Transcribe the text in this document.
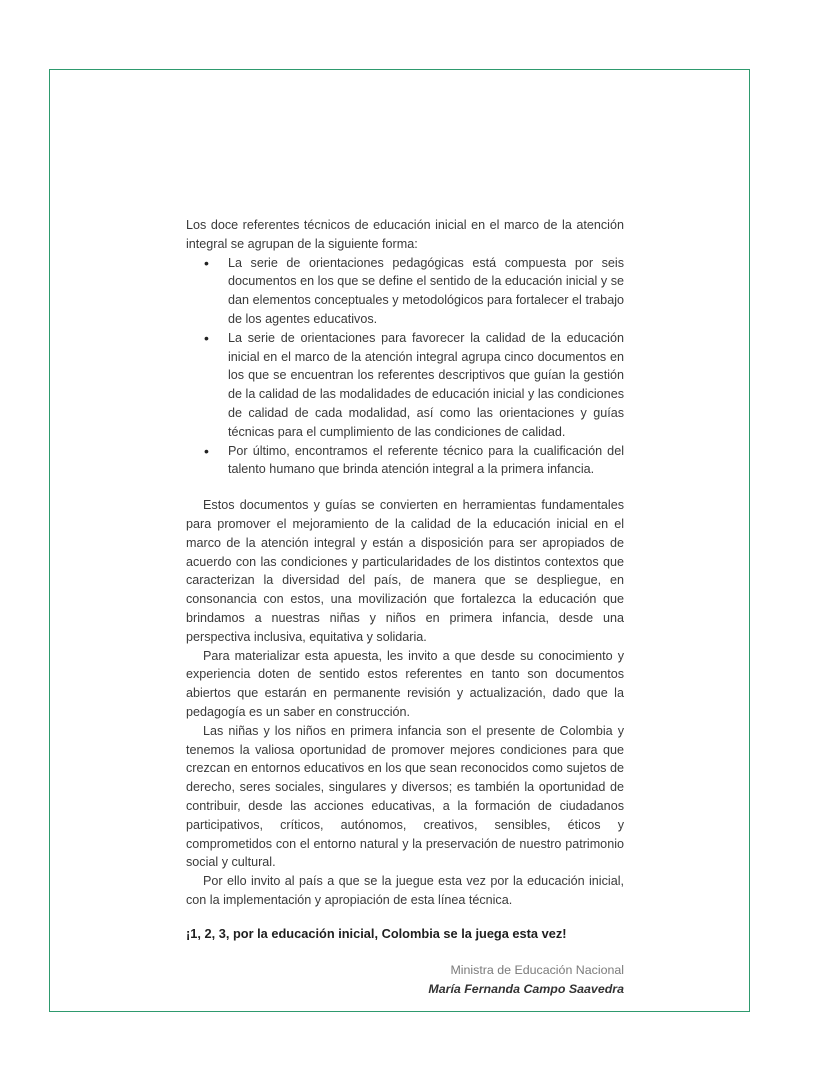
Los doce referentes técnicos de educación inicial en el marco de la atención integral se agrupan de la siguiente forma:

• La serie de orientaciones pedagógicas está compuesta por seis documentos en los que se define el sentido de la educación inicial y se dan elementos conceptuales y metodológicos para fortalecer el trabajo de los agentes educativos.
• La serie de orientaciones para favorecer la calidad de la educación inicial en el marco de la atención integral agrupa cinco documentos en los que se encuentran los referentes descriptivos que guían la gestión de la calidad de las modalidades de educación inicial y las condiciones de calidad de cada modalidad, así como las orientaciones y guías técnicas para el cumplimiento de las condiciones de calidad.
• Por último, encontramos el referente técnico para la cualificación del talento humano que brinda atención integral a la primera infancia.

Estos documentos y guías se convierten en herramientas fundamentales para promover el mejoramiento de la calidad de la educación inicial en el marco de la atención integral y están a disposición para ser apropiados de acuerdo con las condiciones y particularidades de los distintos contextos que caracterizan la diversidad del país, de manera que se despliegue, en consonancia con estos, una movilización que fortalezca la educación que brindamos a nuestras niñas y niños en primera infancia, desde una perspectiva inclusiva, equitativa y solidaria.

Para materializar esta apuesta, les invito a que desde su conocimiento y experiencia doten de sentido estos referentes en tanto son documentos abiertos que estarán en permanente revisión y actualización, dado que la pedagogía es un saber en construcción.

Las niñas y los niños en primera infancia son el presente de Colombia y tenemos la valiosa oportunidad de promover mejores condiciones para que crezcan en entornos educativos en los que sean reconocidos como sujetos de derecho, seres sociales, singulares y diversos; es también la oportunidad de contribuir, desde las acciones educativas, a la formación de ciudadanos participativos, críticos, autónomos, creativos, sensibles, éticos y comprometidos con el entorno natural y la preservación de nuestro patrimonio social y cultural.

Por ello invito al país a que se la juegue esta vez por la educación inicial, con la implementación y apropiación de esta línea técnica.

¡1, 2, 3, por la educación inicial, Colombia se la juega esta vez!

Ministra de Educación Nacional
María Fernanda Campo Saavedra
